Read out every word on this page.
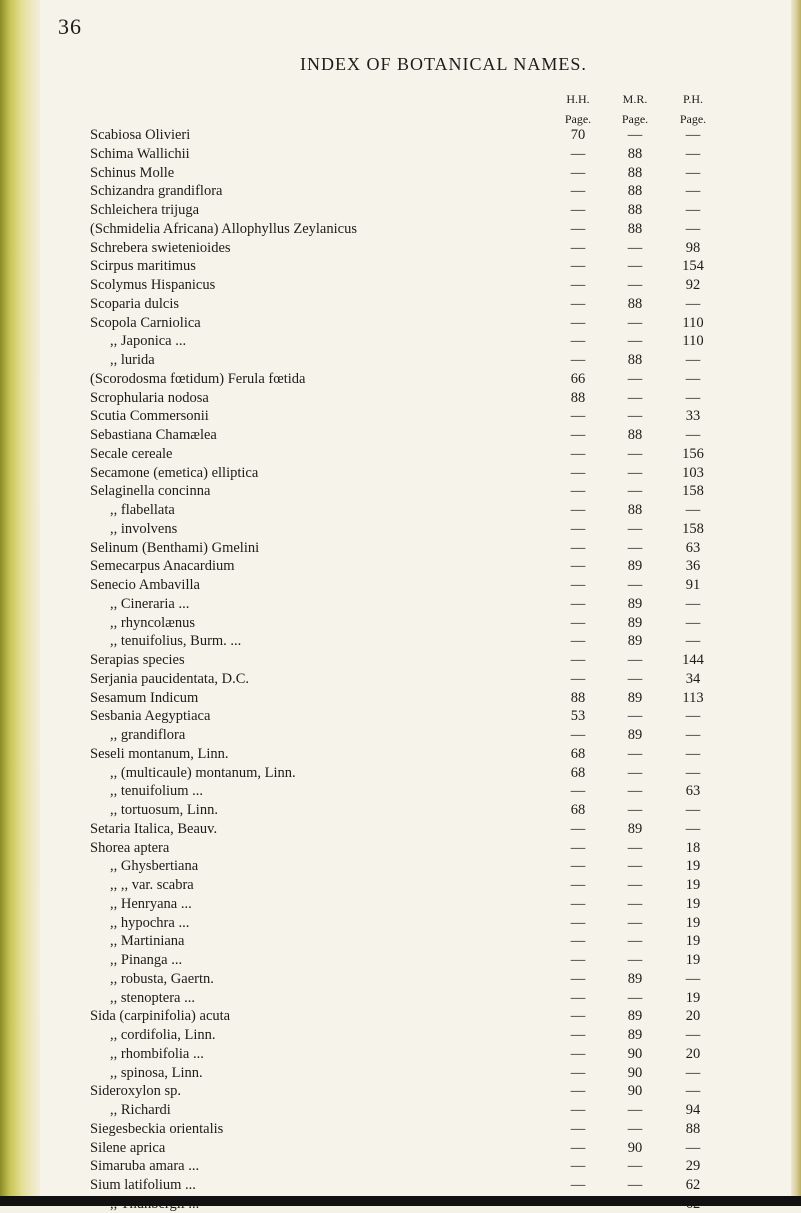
36
INDEX OF BOTANICAL NAMES.
H.H.	M.R.	P.H.
Page.	Page.	Page.
Scabiosa Olivieri	70	—	—
Schima Wallichii	—	88	—
Schinus Molle	—	88	—
Schizandra grandiflora	—	88	—
Schleichera trijuga	—	88	—
(Schmidelia Africana) Allophyllus Zeylanicus	—	88	—
Schrebera swietenioides	—	—	98
Scirpus maritimus	—	—	154
Scolymus Hispanicus	—	—	92
Scoparia dulcis	—	88	—
Scopola Carniolica	—	—	110
,, Japonica ...	—	—	110
,, lurida	—	88	—
(Scorodosma fœtidum) Ferula fœtida	66	—	—
Scrophularia nodosa	88	—	—
Scutia Commersonii	—	—	33
Sebastiana Chamælea	—	88	—
Secale cereale	—	—	156
Secamone (emetica) elliptica	—	—	103
Selaginella concinna	—	—	158
,, flabellata	—	88	—
,, involvens	—	—	158
Selinum (Benthami) Gmelini	—	—	63
Semecarpus Anacardium	—	89	36
Senecio Ambavilla	—	—	91
,, Cineraria ...	—	89	—
,, rhyncolænus	—	89	—
,, tenuifolius, Burm. ...	—	89	—
Serapias species	—	—	144
Serjania paucidentata, D.C.	—	—	34
Sesamum Indicum	88	89	113
Sesbania Aegyptiaca	53	—	—
,, grandiflora	—	89	—
Seseli montanum, Linn.	68	—	—
,, (multicaule) montanum, Linn.	68	—	—
,, tenuifolium ...	—	—	63
,, tortuosum, Linn.	68	—	—
Setaria Italica, Beauv.	—	89	—
Shorea aptera	—	—	18
,, Ghysbertiana	—	—	19
,, ,, var. scabra	—	—	19
,, Henryana ...	—	—	19
,, hypochra ...	—	—	19
,, Martiniana	—	—	19
,, Pinanga ...	—	—	19
,, robusta, Gaertn.	—	89	—
,, stenoptera ...	—	—	19
Sida (carpinifolia) acuta	—	89	20
,, cordifolia, Linn.	—	89	—
,, rhombifolia ...	—	90	20
,, spinosa, Linn.	—	90	—
Sideroxylon sp.	—	90	—
,, Richardi	—	—	94
Siegesbeckia orientalis	—	—	88
Silene aprica	—	90	—
Simaruba amara ...	—	—	29
Sium latifolium ...	—	—	62
